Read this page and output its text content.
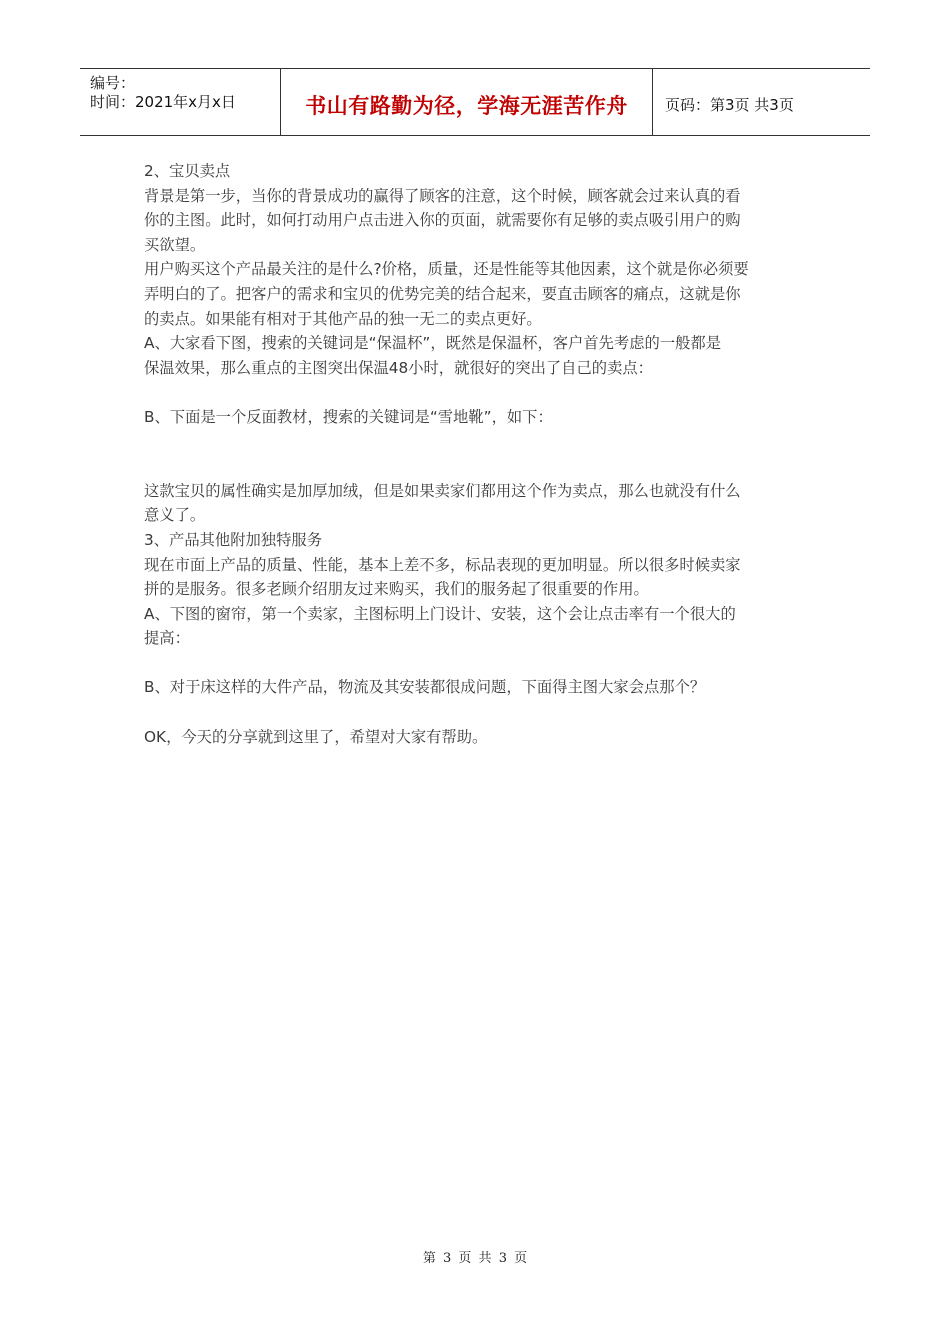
编号：
时间：2021年x月x日	书山有路勤为径，学海无涯苦作舟	页码：第3页 共3页
2、宝贝卖点
背景是第一步，当你的背景成功的赢得了顾客的注意，这个时候，顾客就会过来认真的看
你的主图。此时，如何打动用户点击进入你的页面，就需要你有足够的卖点吸引用户的购
买欲望。
用户购买这个产品最关注的是什么?价格，质量，还是性能等其他因素，这个就是你必须要
弄明白的了。把客户的需求和宝贝的优势完美的结合起来，要直击顾客的痛点，这就是你
的卖点。如果能有相对于其他产品的独一无二的卖点更好。
A、大家看下图，搜索的关键词是“保温杯”，既然是保温杯，客户首先考虑的一般都是
保温效果，那么重点的主图突出保温48小时，就很好的突出了自己的卖点：
B、下面是一个反面教材，搜索的关键词是“雪地靴”，如下：
这款宝贝的属性确实是加厚加绒，但是如果卖家们都用这个作为卖点，那么也就没有什么
意义了。
3、产品其他附加独特服务
现在市面上产品的质量、性能，基本上差不多，标品表现的更加明显。所以很多时候卖家
拼的是服务。很多老顾介绍朋友过来购买，我们的服务起了很重要的作用。
A、下图的窗帘，第一个卖家，主图标明上门设计、安装，这个会让点击率有一个很大的
提高：
B、对于床这样的大件产品，物流及其安装都很成问题，下面得主图大家会点那个？
OK，今天的分享就到这里了，希望对大家有帮助。
第 3 页 共 3 页
